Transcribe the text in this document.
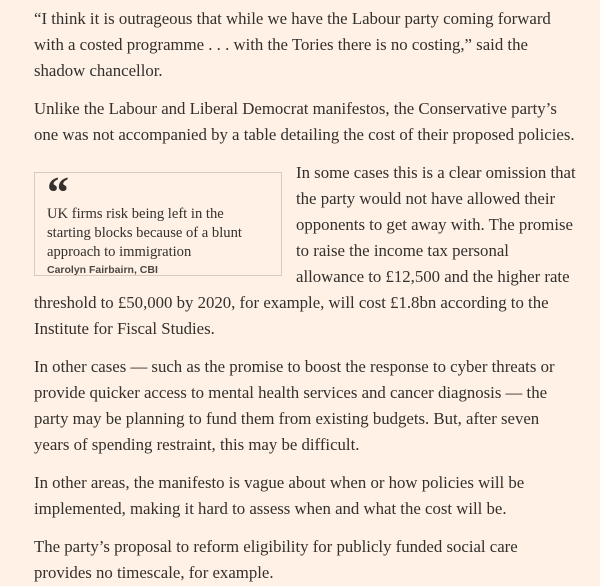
“I think it is outrageous that while we have the Labour party coming forward with a costed programme . . . with the Tories there is no costing,” said the shadow chancellor.

Unlike the Labour and Liberal Democrat manifestos, the Conservative party’s one was not accompanied by a table detailing the cost of their proposed policies.

“
UK firms risk being left in the starting blocks because of a blunt approach to immigration
Carolyn Fairbairn, CBI

In some cases this is a clear omission that the party would not have allowed their opponents to get away with. The promise to raise the income tax personal allowance to £12,500 and the higher rate threshold to £50,000 by 2020, for example, will cost £1.8bn according to the Institute for Fiscal Studies.

In other cases — such as the promise to boost the response to cyber threats or provide quicker access to mental health services and cancer diagnosis — the party may be planning to fund them from existing budgets. But, after seven years of spending restraint, this may be difficult.

In other areas, the manifesto is vague about when or how policies will be implemented, making it hard to assess when and what the cost will be.

The party’s proposal to reform eligibility for publicly funded social care provides no timescale, for example.
